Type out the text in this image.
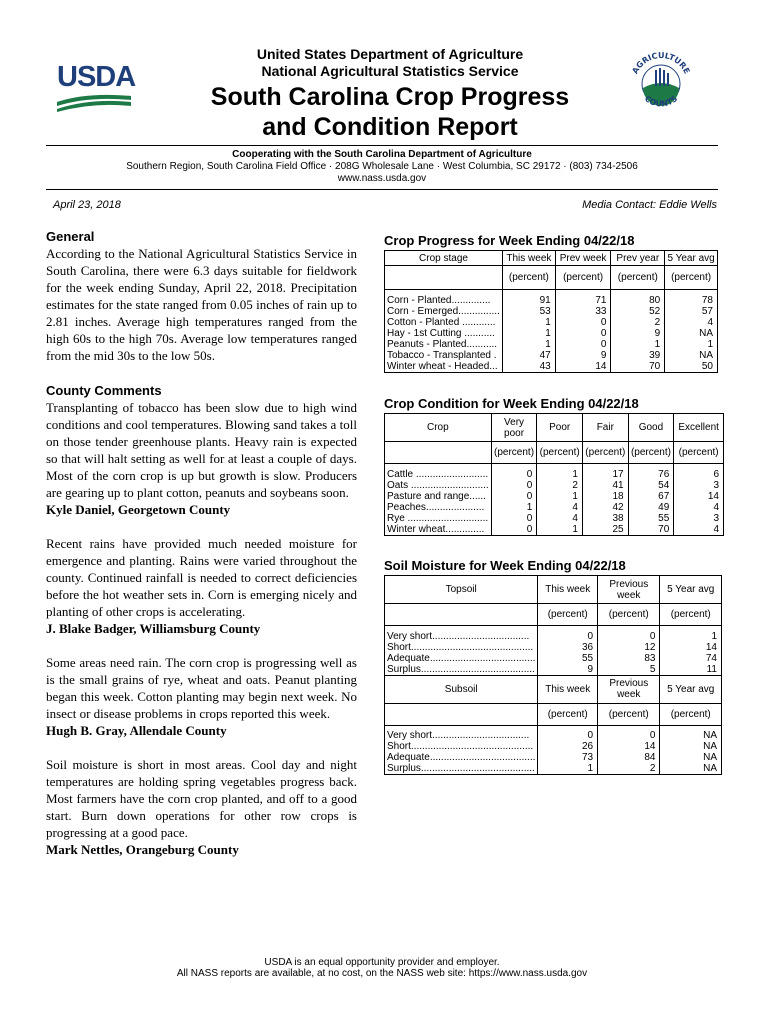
USDA
United States Department of Agriculture
National Agricultural Statistics Service
South Carolina Crop Progress
and Condition Report
AGRICULTURE
COUNTS
Cooperating with the South Carolina Department of Agriculture
Southern Region, South Carolina Field Office · 208G Wholesale Lane · West Columbia, SC 29172 · (803) 734-2506
www.nass.usda.gov
April 23, 2018	Media Contact: Eddie Wells
General

According to the National Agricultural Statistics Service in South Carolina, there were 6.3 days suitable for fieldwork for the week ending Sunday, April 22, 2018. Precipitation estimates for the state ranged from 0.05 inches of rain up to 2.81 inches. Average high temperatures ranged from the high 60s to the high 70s. Average low temperatures ranged from the mid 30s to the low 50s.

County Comments

Transplanting of tobacco has been slow due to high wind conditions and cool temperatures. Blowing sand takes a toll on those tender greenhouse plants. Heavy rain is expected so that will halt setting as well for at least a couple of days. Most of the corn crop is up but growth is slow. Producers are gearing up to plant cotton, peanuts and soybeans soon.

Kyle Daniel, Georgetown County

Recent rains have provided much needed moisture for emergence and planting. Rains were varied throughout the county. Continued rainfall is needed to correct deficiencies before the hot weather sets in. Corn is emerging nicely and planting of other crops is accelerating.

J. Blake Badger, Williamsburg County

Some areas need rain. The corn crop is progressing well as is the small grains of rye, wheat and oats. Peanut planting began this week. Cotton planting may begin next week. No insect or disease problems in crops reported this week.

Hugh B. Gray, Allendale County

Soil moisture is short in most areas. Cool day and night temperatures are holding spring vegetables progress back. Most farmers have the corn crop planted, and off to a good start. Burn down operations for other row crops is progressing at a good pace.

Mark Nettles, Orangeburg County

Crop Progress for Week Ending 04/22/18
Crop stage	This week	Prev week	Prev year	5 Year avg
	(percent)	(percent)	(percent)	(percent)

Corn - Planted..............	91	71	80	78
Corn - Emerged...............	53	33	52	57
Cotton - Planted ............	1	0	2	4
Hay - 1st Cutting ...........	1	0	9	NA
Peanuts - Planted...........	1	0	1	1
Tobacco - Transplanted .	47	9	39	NA
Winter wheat - Headed...	43	14	70	50
Crop Condition for Week Ending 04/22/18
Crop	Very poor	Poor	Fair	Good	Excellent
	(percent)	(percent)	(percent)	(percent)	(percent)

Cattle ..........................	0	1	17	76	6
Oats ............................	0	2	41	54	3
Pasture and range......	0	1	18	67	14
Peaches.....................	1	4	42	49	4
Rye .............................	0	4	38	55	3
Winter wheat..............	0	1	25	70	4
Soil Moisture for Week Ending 04/22/18
Topsoil	This week	Previous week	5 Year avg
	(percent)	(percent)	(percent)

Very short...................................	0	0	1
Short............................................	36	12	14
Adequate......................................	55	83	74
Surplus.........................................	9	5	11
Subsoil	This week	Previous week	5 Year avg
	(percent)	(percent)	(percent)

Very short...................................	0	0	NA
Short............................................	26	14	NA
Adequate......................................	73	84	NA
Surplus.........................................	1	2	NA
USDA is an equal opportunity provider and employer.
All NASS reports are available, at no cost, on the NASS web site: https://www.nass.usda.gov
